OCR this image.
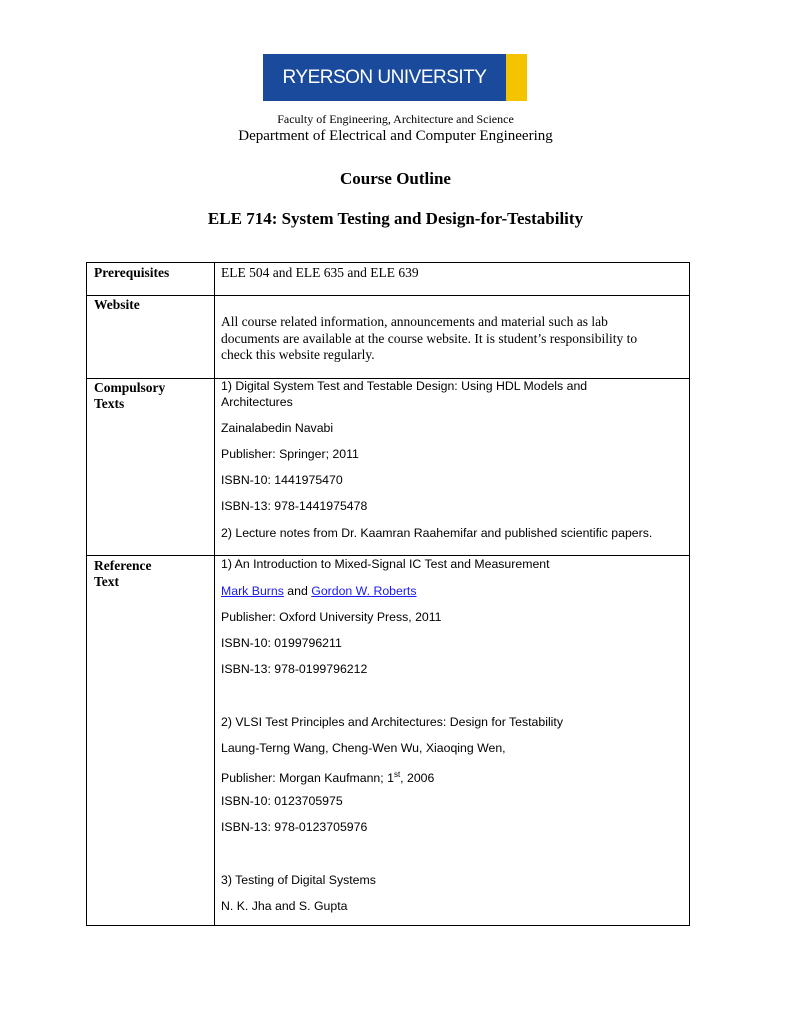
RYERSON UNIVERSITY
Faculty of Engineering, Architecture and Science
Department of Electrical and Computer Engineering
Course Outline
ELE 714: System Testing and Design-for-Testability
Prerequisites	ELE 504 and ELE 635 and ELE 639
Website
All course related information, announcements and material such as lab
documents are available at the course website. It is student’s responsibility to
check this website regularly.
Compulsory
Texts

1) Digital System Test and Testable Design: Using HDL Models and

Architectures

Zainalabedin Navabi

Publisher: Springer; 2011

ISBN-10: 1441975470

ISBN-13: 978-1441975478

2) Lecture notes from Dr. Kaamran Raahemifar and published scientific papers.

Reference
Text

1) An Introduction to Mixed-Signal IC Test and Measurement

Mark Burns and Gordon W. Roberts

Publisher: Oxford University Press, 2011

ISBN-10: 0199796211

ISBN-13: 978-0199796212

2) VLSI Test Principles and Architectures: Design for Testability

Laung-Terng Wang, Cheng-Wen Wu, Xiaoqing Wen,

Publisher: Morgan Kaufmann; 1st, 2006

ISBN-10: 0123705975

ISBN-13: 978-0123705976

3) Testing of Digital Systems

N. K. Jha and S. Gupta
